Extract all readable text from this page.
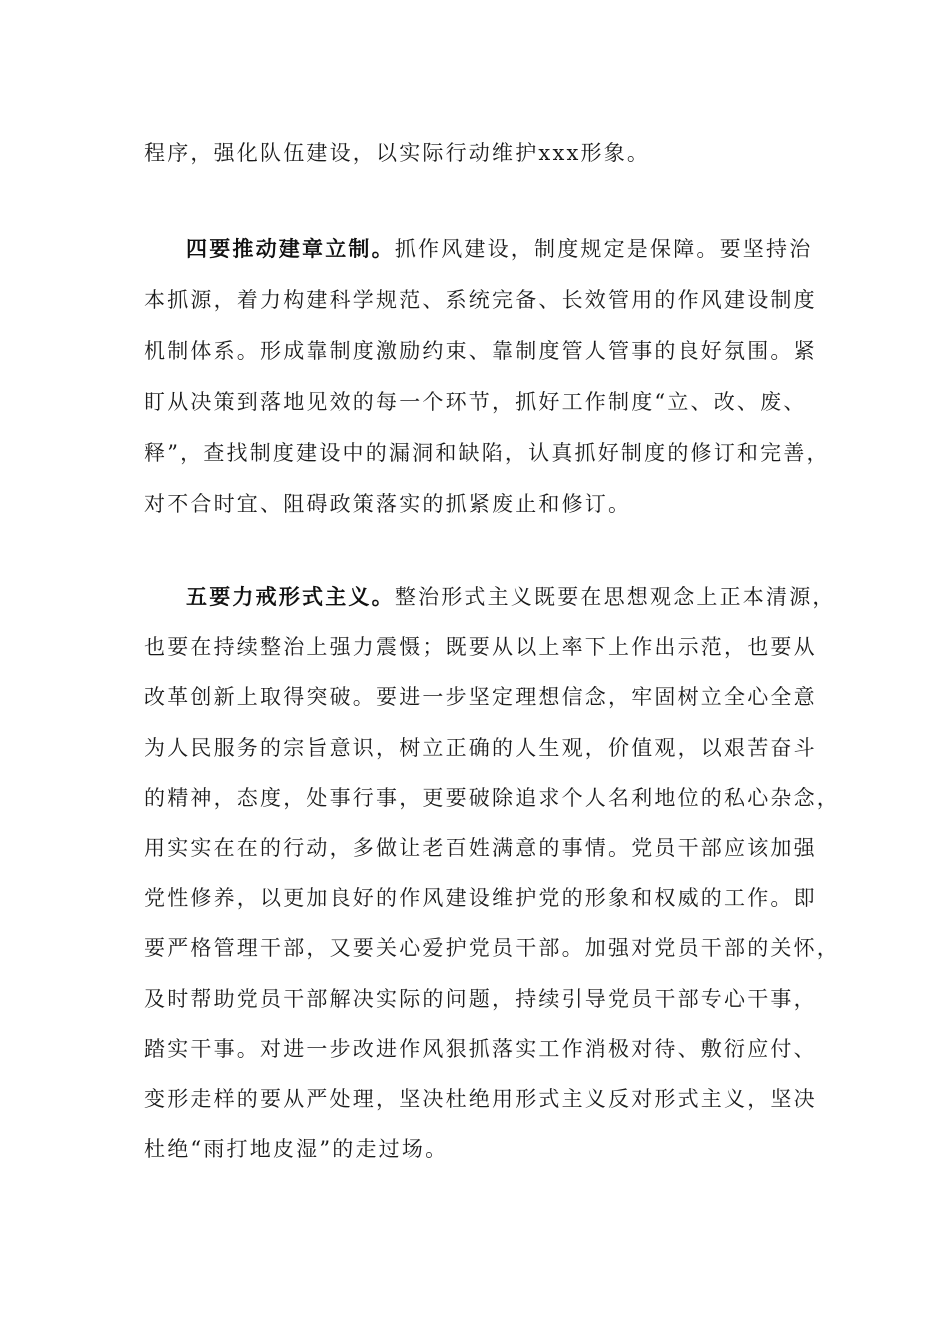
程序，强化队伍建设，以实际行动维护xxx形象。
四要推动建章立制。抓作风建设，制度规定是保障。要坚持治
本抓源，着力构建科学规范、系统完备、长效管用的作风建设制度
机制体系。形成靠制度激励约束、靠制度管人管事的良好氛围。紧
盯从决策到落地见效的每一个环节，抓好工作制度“立、改、废、
释”，查找制度建设中的漏洞和缺陷，认真抓好制度的修订和完善，
对不合时宜、阻碍政策落实的抓紧废止和修订。
五要力戒形式主义。整治形式主义既要在思想观念上正本清源，
也要在持续整治上强力震慑；既要从以上率下上作出示范，也要从
改革创新上取得突破。要进一步坚定理想信念，牢固树立全心全意
为人民服务的宗旨意识，树立正确的人生观，价值观，以艰苦奋斗
的精神，态度，处事行事，更要破除追求个人名利地位的私心杂念，
用实实在在的行动，多做让老百姓满意的事情。党员干部应该加强
党性修养，以更加良好的作风建设维护党的形象和权威的工作。即
要严格管理干部，又要关心爱护党员干部。加强对党员干部的关怀，
及时帮助党员干部解决实际的问题，持续引导党员干部专心干事，
踏实干事。对进一步改进作风狠抓落实工作消极对待、敷衍应付、
变形走样的要从严处理，坚决杜绝用形式主义反对形式主义，坚决
杜绝“雨打地皮湿”的走过场。
